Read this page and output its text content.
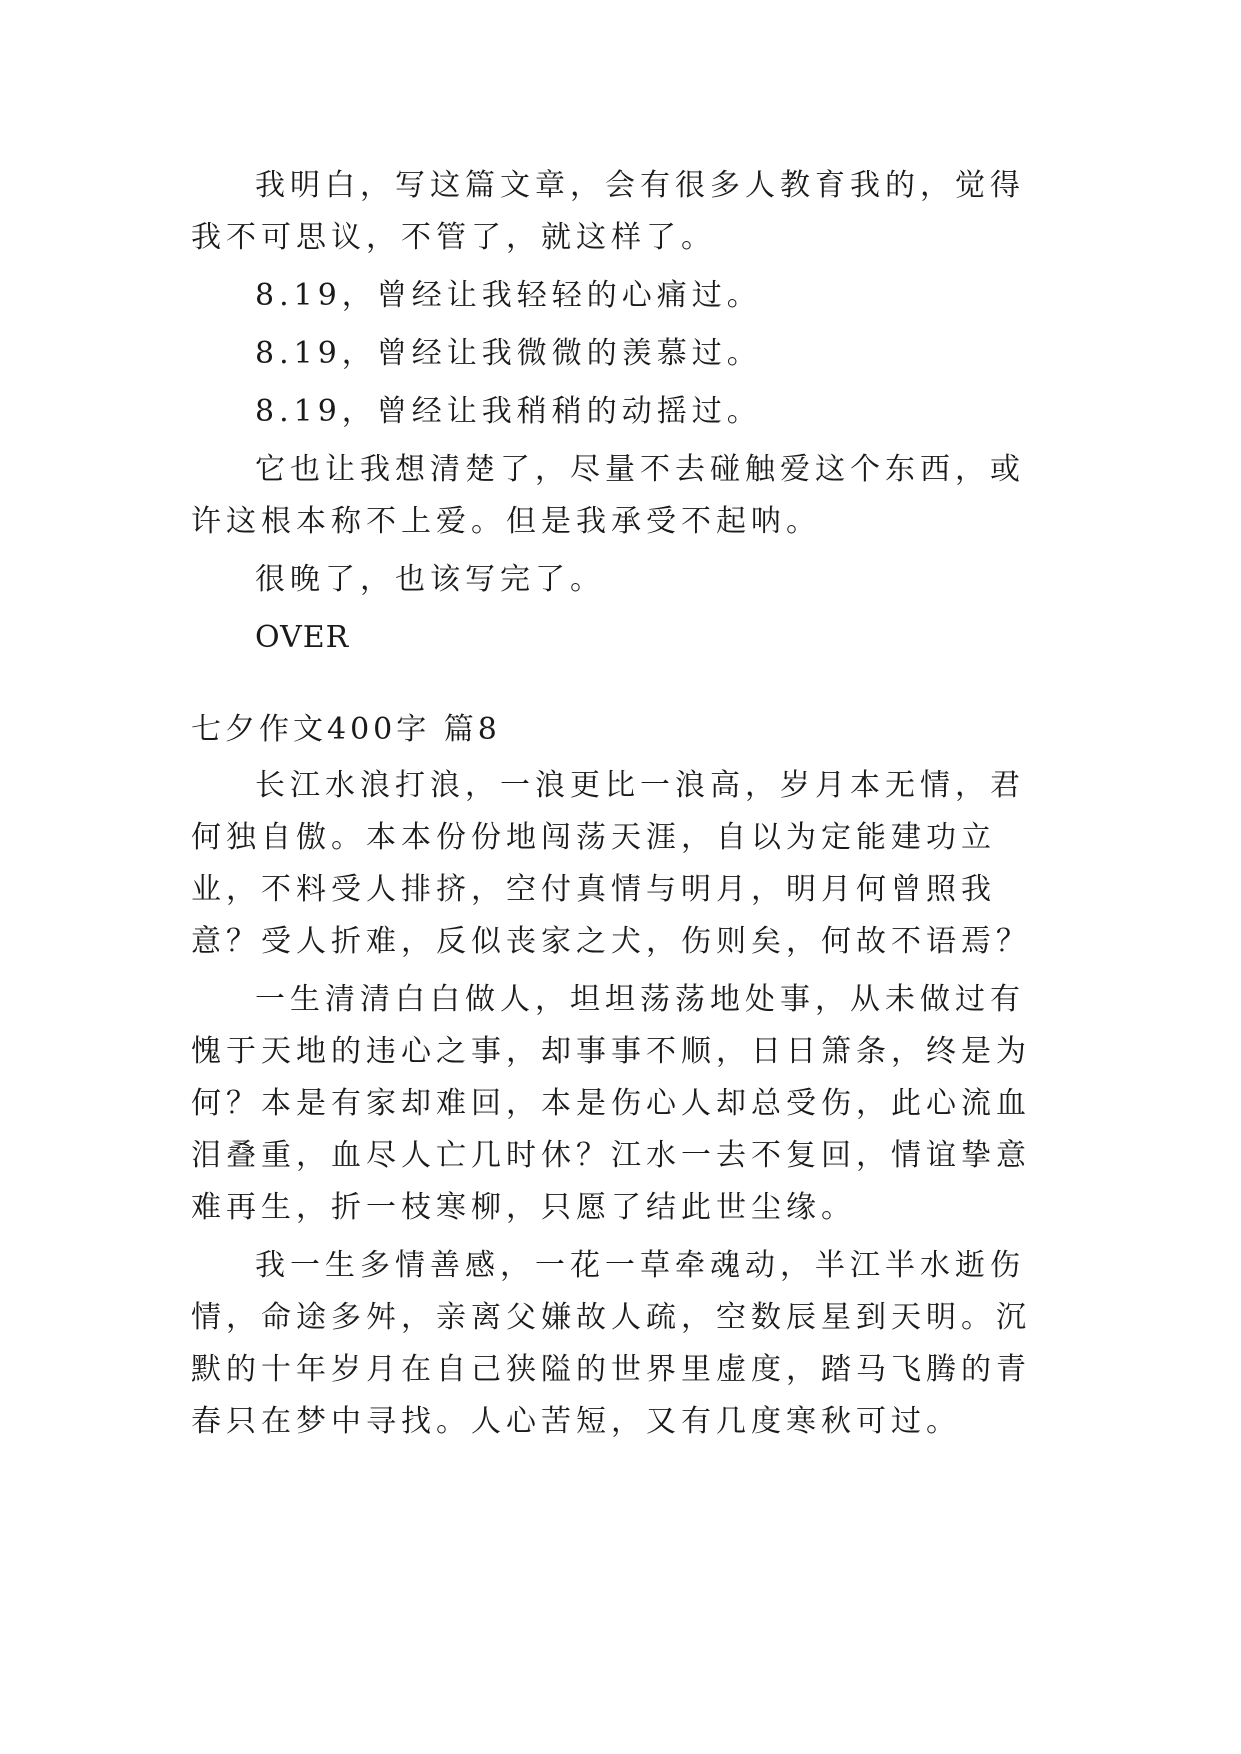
我明白，写这篇文章，会有很多人教育我的，觉得我不可思议，不管了，就这样了。

8.19，曾经让我轻轻的心痛过。

8.19，曾经让我微微的羡慕过。

8.19，曾经让我稍稍的动摇过。

它也让我想清楚了，尽量不去碰触爱这个东西，或许这根本称不上爱。但是我承受不起呐。

很晚了，也该写完了。

OVER

七夕作文400字 篇8

长江水浪打浪，一浪更比一浪高，岁月本无情，君何独自傲。本本份份地闯荡天涯，自以为定能建功立业，不料受人排挤，空付真情与明月，明月何曾照我意？受人折难，反似丧家之犬，伤则矣，何故不语焉？

一生清清白白做人，坦坦荡荡地处事，从未做过有愧于天地的违心之事，却事事不顺，日日箫条，终是为何？本是有家却难回，本是伤心人却总受伤，此心流血泪叠重，血尽人亡几时休？江水一去不复回，情谊挚意难再生，折一枝寒柳，只愿了结此世尘缘。

我一生多情善感，一花一草牵魂动，半江半水逝伤情，命途多舛，亲离父嫌故人疏，空数辰星到天明。沉默的十年岁月在自己狭隘的世界里虚度，踏马飞腾的青春只在梦中寻找。人心苦短，又有几度寒秋可过。
